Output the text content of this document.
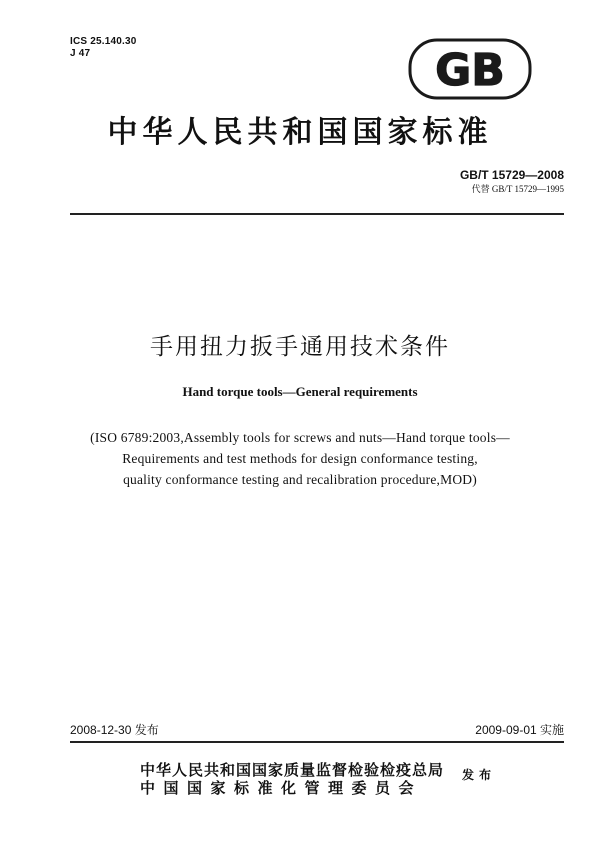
ICS 25.140.30
J 47	GB
中华人民共和国国家标准
GB/T 15729—2008
代替 GB/T 15729—1995
手用扭力扳手通用技术条件
Hand torque tools—General requirements
(ISO 6789:2003,Assembly tools for screws and nuts—Hand torque tools—
Requirements and test methods for design conformance testing,
quality conformance testing and recalibration procedure,MOD)
2008-12-30 发布	2009-09-01 实施
中华人民共和国国家质量监督检验检疫总局
中国国家标准化管理委员会
发布
